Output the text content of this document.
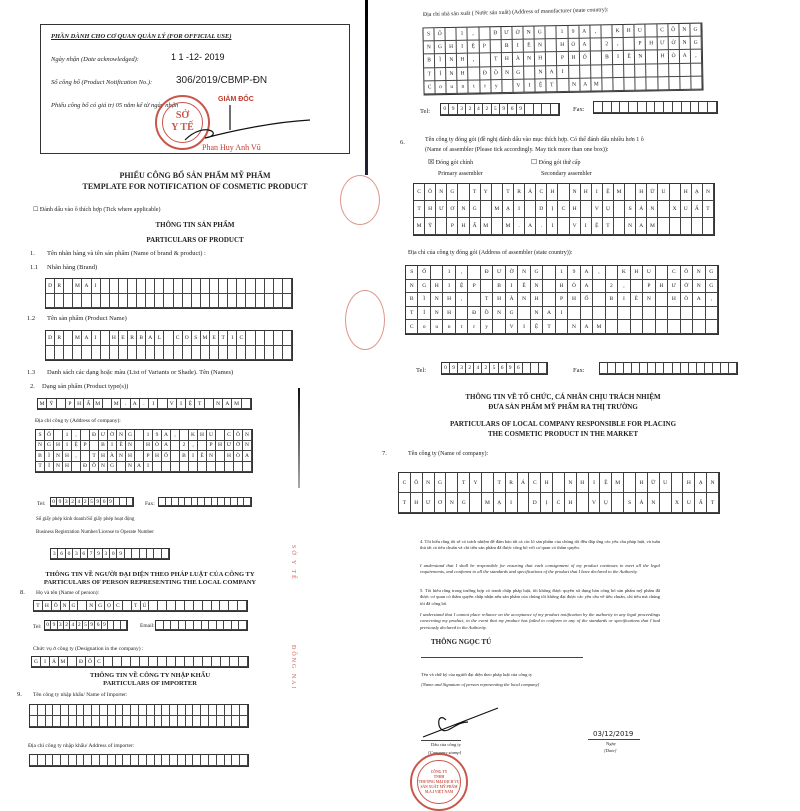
PHẦN DÀNH CHO CƠ QUAN QUẢN LÝ (FOR OFFICIAL USE)
Ngày nhận (Date acknowledged):	1 1 -12- 2019
Số công bố (Product Notification No.): 306/2019/CBMP-ĐN
Phiếu công bố có giá trị 05 năm kể từ ngày nhận
SỞ
Y TẾ
GIÁM ĐỐC
Phan Huy Anh Vũ
PHIẾU CÔNG BỐ SẢN PHẨM MỸ PHẨM
TEMPLATE FOR NOTIFICATION OF COSMETIC PRODUCT
☐ Đánh dấu vào ô thích hợp (Tick where applicable)
THÔNG TIN SẢN PHẨM
PARTICULARS OF PRODUCT
1. Tên nhãn hàng và tên sản phẩm (Name of brand & product) :
1.1 Nhãn hàng (Brand)
D R	M A	I
1.2 Tên sản phẩm (Product Name)
D R	M A	I	H E	R B A L	C O	S M E	T	I	C
1.3 Danh sách các dạng hoặc màu (List of Variants or Shade). Tên (Names)
2. Dạng sản phẩm (Product type(s))
M Ỹ	P	H Ẩ M	M	.	A	.	I	V	I	Ệ	T	N A M
Địa chỉ công ty (Address of company):
S Ố	1	,	Đ Ư Ờ N G	1	9	A	,	K H U	C Ô N
N G H	I	Ệ	P	B	I	Ê N	H Ò A	2	,	P H Ư Ờ N
B	Ì	N H	,	T H À N H	P H Ố	B	I	Ê N	H Ò A
T	Ỉ	N H	Đ Ồ N G	N A	I
Tel: 0 9 3 2 4 2 5 9 6 9	Fax:
Số giấy phép kinh doanh/Số giấy phép hoạt động
Business Registration Number/License to Operate Number
3 6 0 3 6 7 9 3 0 9
THÔNG TIN VỀ NGƯỜI ĐẠI DIỆN THEO PHÁP LUẬT CỦA CÔNG TY
PARTICULARS OF PERSON REPRESENTING THE LOCAL COMPANY
8. Họ và tên (Name of person):
T H Ô N G	N G Ọ C	T Ú
Tel: 0 9 3 2 4 2 5 9 6 9	Email:
Chức vụ ở công ty (Designation in the company) :
G	I	Á M	Đ Ố C
THÔNG TIN VỀ CÔNG TY NHẬP KHẨU
PARTICULARS OF IMPORTER
9. Tên công ty nhập khẩu/ Name of Importer:
Địa chỉ công ty nhập khẩu/ Address of importer:
SỞ Y TẾ
ĐỒNG NAI
Địa chỉ nhà sản xuất ( Nước sản xuất) (Address of manufacturer (state country):
S	Ố	1	,	Đ	Ư	Ờ	N	G	1	9	A	,	K	H	U	C	Ô	N	G
N	G	H	I	Ệ	P	B	I	Ê	N	H	Ò	A	2	,	P	H	Ư	Ờ	N	G
B	Ì	N	H	,	T	H	À	N	H	P	H	Ố	B	I	Ê	N	H	Ò	A	,
T	Ỉ	N	H	Đ	Ồ	N	G	N	A	I
C	o	u	n	t	r	y	V	I	Ệ	T	N	A	M
Tel:	0	9	3	2	4	2	5	9	6	9	Fax:
6.	Tên công ty đóng gói (đề nghị đánh dấu vào mục thích hợp. Có thể đánh dấu nhiều hơn 1 ô
(Name of assembler (Please tick accordingly. May tick more than one box)):
☒ Đóng gói chính	☐ Đóng gói thứ cấp
Primary assembler	Secondary assembler
C	Ô	N	G	T	Y	T	R	Á	C	H	N	H	I	Ệ	M	H	Ữ	U	H	Ạ	N
T	H	Ư	Ơ	N	G	M	Ạ	I	D	Ị	C	H	V	Ụ	S	Ả	N	X	U	Ấ	T
M	Ỹ	P	H	Ẩ	M	M	.	A	.	I	V	I	Ệ	T	N	A	M
Địa chỉ của công ty đóng gói (Address of assembler (state country)):
S	Ố	1	,	Đ	Ư	Ờ	N	G	1	9	A	,	K	H	U	C	Ô	N	G
N	G	H	I	Ệ	P	B	I	Ê	N	H	Ò	A	2	,	P	H	Ư	Ờ	N	G
B	Ì	N	H	,	T	H	À	N	H	P	H	Ố	B	I	Ê	N	H	Ò	A	,
T	Ỉ	N	H	Đ	Ồ	N	G	N	A	I
C	o	u	n	t	r	y	V	I	Ệ	T	N	A	M
Tel:	0 9 3 2 4 2 5 6 9 6	Fax:
THÔNG TIN VỀ TỔ CHỨC, CÁ NHÂN CHỊU TRÁCH NHIỆM
ĐƯA SẢN PHẨM MỸ PHẨM RA THỊ TRƯỜNG
PARTICULARS OF LOCAL COMPANY RESPONSIBLE FOR PLACING
THE COSMETIC PRODUCT IN THE MARKET
7.	Tên công ty (Name of company):
C	Ô	N	G	T	Y	T	R	Á	C	H	N	H	I	Ệ	M	H	Ữ	U	H	Ạ	N
T	H	Ư	Ơ	N	G	M	Ạ	I	D	Ị	C	H	V	Ụ	S	Ả	N	X	U	Ấ	T
4. Tôi hiểu rằng tôi sẽ có trách nhiệm để đảm bảo tất cả các lô sản phẩm của chúng tôi đều đáp ứng các yêu cầu pháp luật, và tuân thủ tất cả tiêu chuẩn và chỉ tiêu sản phẩm đã được công bố với cơ quan có thẩm quyền.
I understand that I shall be responsible for ensuring that each consignment of my product continues to meet all the legal requirements, and conforms to all the standards and specifications of the product that I have declared to the Authority.
5. Tôi hiểu rằng trong trường hợp có tranh chấp pháp luật, tôi không được quyền sử dụng bản công bố sản phẩm mỹ phẩm đã được cơ quan có thẩm quyền chấp nhận nếu sản phẩm của chúng tôi không đạt được các yêu cầu về tiêu chuẩn, chỉ tiêu mà chúng tôi đã công bố.
I understand that I cannot place reliance on the acceptance of my product notification by the authority in any legal proceedings concerning my product, in the event that my product has failed to conform to any of the standards or specifications that I had previously declared to the Authority.
THÔNG NGỌC TÚ
Tên và chữ ký của người đại diện theo pháp luật của công ty
[Name and Signature of person representing the local company]
Dấu của công ty
[Company stamp]
CÔNG TY
TNHH
THƯƠNG MẠI DỊCH VỤ
SẢN XUẤT MỸ PHẨM
M.A.I VIỆT NAM
03/12/2019
Ngày
[Date]
